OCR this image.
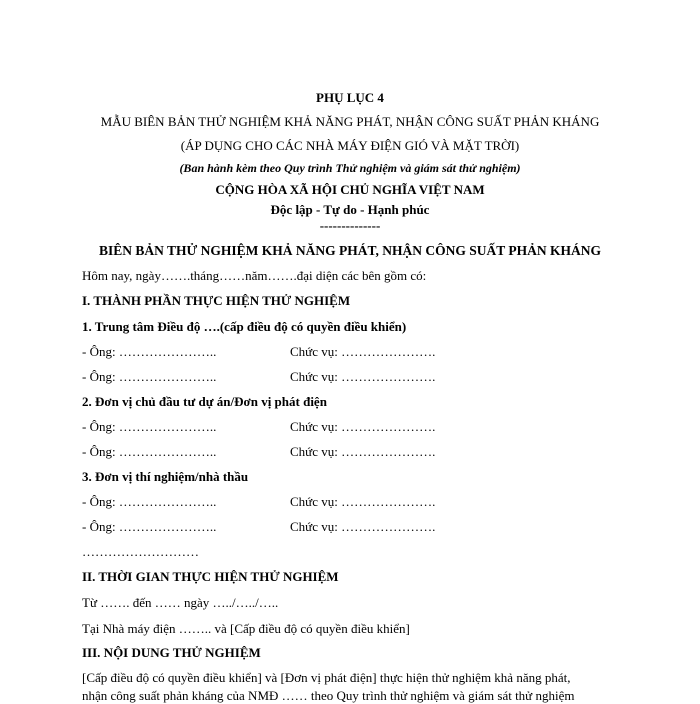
PHỤ LỤC 4
MẪU BIÊN BẢN THỬ NGHIỆM KHẢ NĂNG PHÁT, NHẬN CÔNG SUẤT PHẢN KHÁNG
(ÁP DỤNG CHO CÁC NHÀ MÁY ĐIỆN GIÓ VÀ MẶT TRỜI)
(Ban hành kèm theo Quy trình Thử nghiệm và giám sát thử nghiệm)
CỘNG HÒA XÃ HỘI CHỦ NGHĨA VIỆT NAM
Độc lập - Tự do - Hạnh phúc
--------------
BIÊN BẢN THỬ NGHIỆM KHẢ NĂNG PHÁT, NHẬN CÔNG SUẤT PHẢN KHÁNG
Hôm nay, ngày…….tháng……năm…….đại diện các bên gồm có:
I. THÀNH PHẦN THỰC HIỆN THỬ NGHIỆM
1. Trung tâm Điều độ ….(cấp điều độ có quyền điều khiển)
- Ông: …………………..	Chức vụ: ………………….
- Ông: …………………..	Chức vụ: ………………….
2. Đơn vị chủ đầu tư dự án/Đơn vị phát điện
- Ông: …………………..	Chức vụ: ………………….
- Ông: …………………..	Chức vụ: ………………….
3. Đơn vị thí nghiệm/nhà thầu
- Ông: …………………..	Chức vụ: ………………….
- Ông: …………………..	Chức vụ: ………………….
………………………
II. THỜI GIAN THỰC HIỆN THỬ NGHIỆM
Từ ……. đến …… ngày …../…../…..
Tại Nhà máy điện …….. và [Cấp điều độ có quyền điều khiển]
III. NỘI DUNG THỬ NGHIỆM
[Cấp điều độ có quyền điều khiển] và [Đơn vị phát điện] thực hiện thử nghiệm khả năng phát,
nhận công suất phản kháng của NMĐ …… theo Quy trình thử nghiệm và giám sát thử nghiệm
